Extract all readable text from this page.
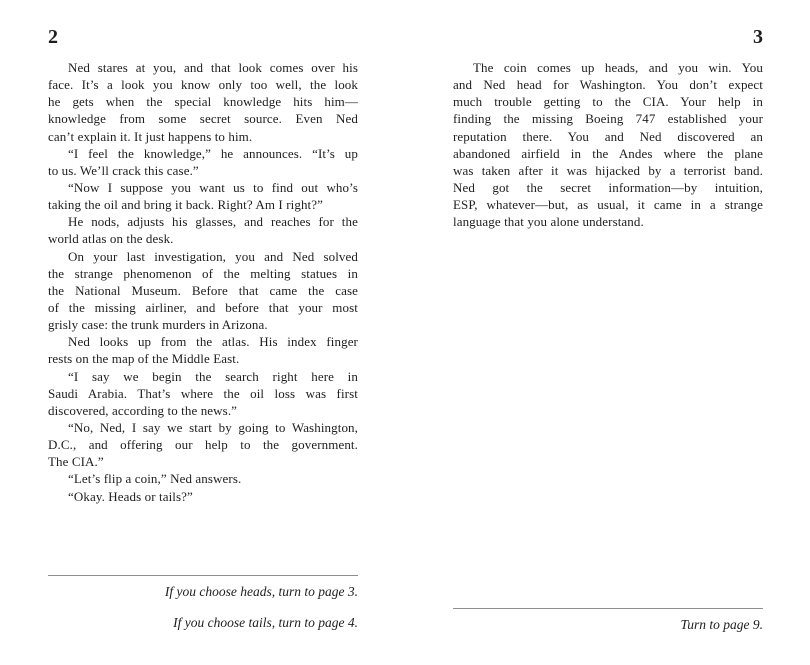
2
Ned stares at you, and that look comes over his
face. It’s a look you know only too well, the look
he gets when the special knowledge hits him—
knowledge from some secret source. Even Ned
can’t explain it. It just happens to him.
“I feel the knowledge,” he announces. “It’s up
to us. We’ll crack this case.”
“Now I suppose you want us to find out who’s
taking the oil and bring it back. Right? Am I right?”
He nods, adjusts his glasses, and reaches for the
world atlas on the desk.
On your last investigation, you and Ned solved
the strange phenomenon of the melting statues in
the National Museum. Before that came the case
of the missing airliner, and before that your most
grisly case: the trunk murders in Arizona.
Ned looks up from the atlas. His index finger
rests on the map of the Middle East.
“I say we begin the search right here in
Saudi Arabia. That’s where the oil loss was first
discovered, according to the news.”
“No, Ned, I say we start by going to Washington,
D.C., and offering our help to the government.
The CIA.”
“Let’s flip a coin,” Ned answers.
“Okay. Heads or tails?”
If you choose heads, turn to page 3.
If you choose tails, turn to page 4.
3
The coin comes up heads, and you win. You
and Ned head for Washington. You don’t expect
much trouble getting to the CIA. Your help in
finding the missing Boeing 747 established your
reputation there. You and Ned discovered an
abandoned airfield in the Andes where the plane
was taken after it was hijacked by a terrorist band.
Ned got the secret information—by intuition,
ESP, whatever—but, as usual, it came in a strange
language that you alone understand.
Turn to page 9.
